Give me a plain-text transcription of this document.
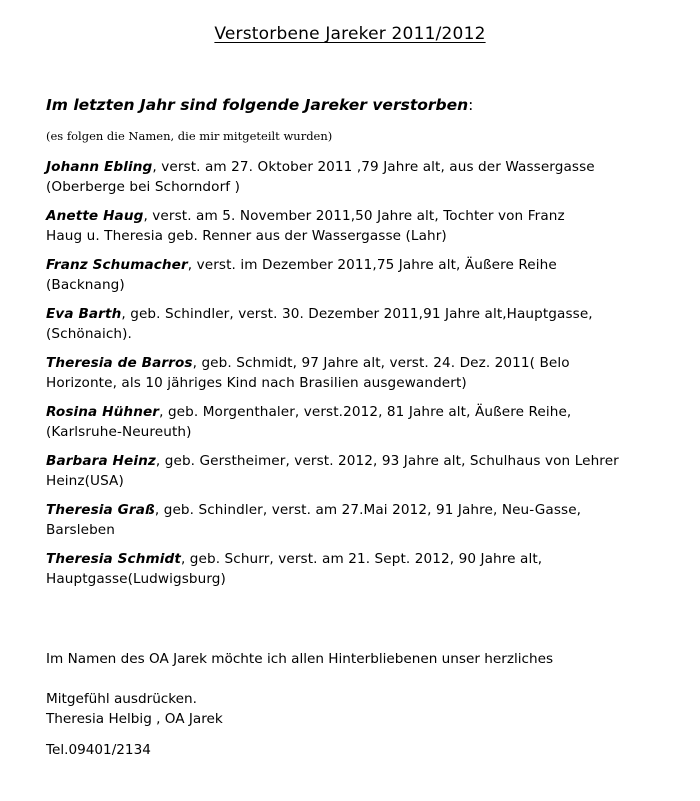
Verstorbene Jareker 2011/2012
Im letzten Jahr sind folgende Jareker verstorben:
(es folgen die Namen, die mir mitgeteilt wurden)
Johann Ebling, verst. am 27. Oktober 2011 ,79 Jahre alt, aus der Wassergasse
(Oberberge bei Schorndorf )
Anette Haug, verst. am 5. November 2011,50 Jahre alt, Tochter von Franz
Haug u. Theresia geb. Renner aus der Wassergasse (Lahr)
Franz Schumacher, verst. im Dezember 2011,75 Jahre alt, Äußere Reihe
(Backnang)
Eva Barth, geb. Schindler, verst. 30. Dezember 2011,91 Jahre alt,Hauptgasse,
(Schönaich).
Theresia de Barros, geb. Schmidt, 97 Jahre alt, verst. 24. Dez. 2011( Belo
Horizonte, als 10 jähriges Kind nach Brasilien ausgewandert)
Rosina Hühner, geb. Morgenthaler, verst.2012, 81 Jahre alt, Äußere Reihe,
(Karlsruhe-Neureuth)
Barbara Heinz, geb. Gerstheimer, verst. 2012, 93 Jahre alt, Schulhaus von Lehrer
Heinz(USA)
Theresia Graß, geb. Schindler, verst. am 27.Mai 2012, 91 Jahre, Neu-Gasse,
Barsleben
Theresia Schmidt, geb. Schurr, verst. am 21. Sept. 2012, 90 Jahre alt,
Hauptgasse(Ludwigsburg)

Im Namen des OA Jarek möchte ich allen Hinterbliebenen unser herzliches

Mitgefühl ausdrücken.

Theresia Helbig , OA Jarek
Tel.09401/2134
